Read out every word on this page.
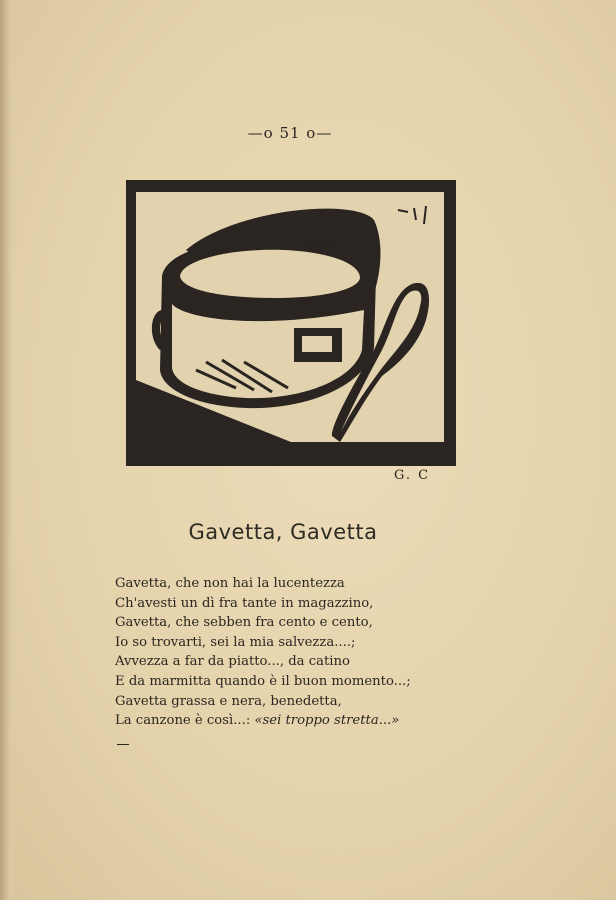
—o 51 o—
G. C
Gavetta, Gavetta
Gavetta, che non hai la lucentezza
Ch'avesti un dì fra tante in magazzino,
Gavetta, che sebben fra cento e cento,
Io so trovarti, sei la mia salvezza....;
Avvezza a far da piatto..., da catino
E da marmitta quando è il buon momento...;
Gavetta grassa e nera, benedetta,
La canzone è così...: «sei troppo stretta...»
